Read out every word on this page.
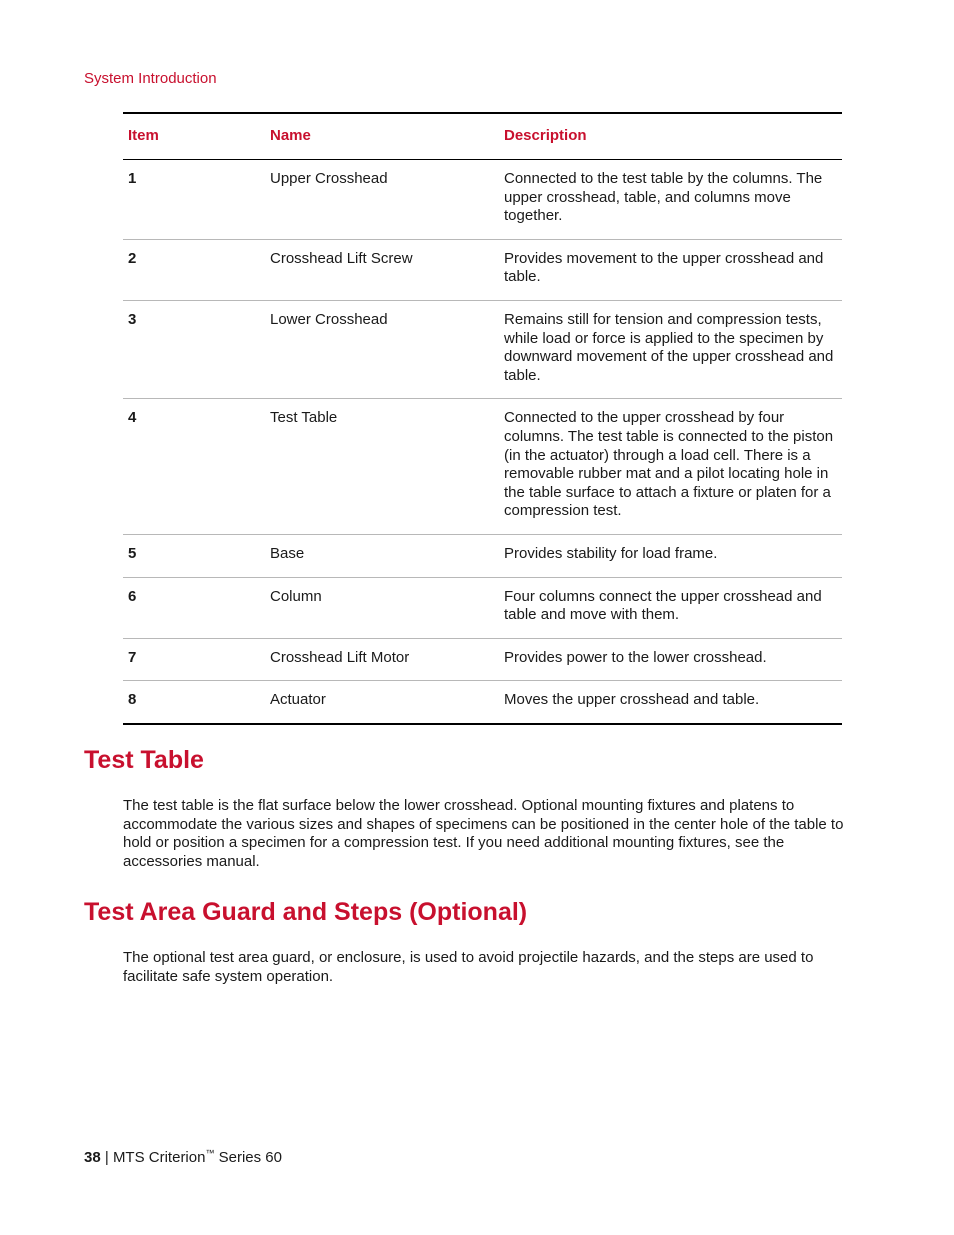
System Introduction
Item	Name	Description
1	Upper Crosshead	Connected to the test table by the columns. The upper crosshead, table, and columns move together.
2	Crosshead Lift Screw	Provides movement to the upper crosshead and table.
3	Lower Crosshead	Remains still for tension and compression tests, while load or force is applied to the specimen by downward movement of the upper crosshead and table.
4	Test Table	Connected to the upper crosshead by four columns. The test table is connected to the piston (in the actuator) through a load cell. There is a removable rubber mat and a pilot locating hole in the table surface to attach a fixture or platen for a compression test.
5	Base	Provides stability for load frame.
6	Column	Four columns connect the upper crosshead and table and move with them.
7	Crosshead Lift Motor	Provides power to the lower crosshead.
8	Actuator	Moves the upper crosshead and table.
Test Table

The test table is the flat surface below the lower crosshead. Optional mounting fixtures and platens to accommodate the various sizes and shapes of specimens can be positioned in the center hole of the table to hold or position a specimen for a compression test. If you need additional mounting fixtures, see the accessories manual.

Test Area Guard and Steps (Optional)

The optional test area guard, or enclosure, is used to avoid projectile hazards, and the steps are used to facilitate safe system operation.

38 | MTS Criterion™ Series 60
